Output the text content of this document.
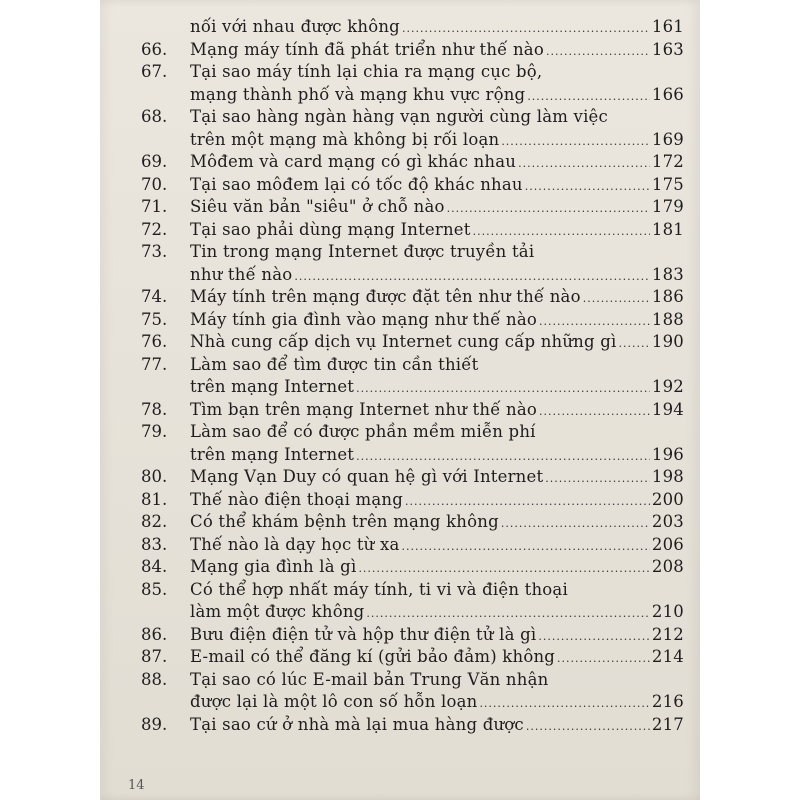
nối với nhau được không .....	161
66.	Mạng máy tính đã phát triển như thế nào .....	163
67.	Tại sao máy tính lại chia ra mạng cục bộ,
mạng thành phố và mạng khu vực rộng .....	166
68.	Tại sao hàng ngàn hàng vạn người cùng làm việc
trên một mạng mà không bị rối loạn .....	169
69.	Môđem và card mạng có gì khác nhau .....	172
70.	Tại sao môđem lại có tốc độ khác nhau .....	175
71.	Siêu văn bản "siêu" ở chỗ nào .....	179
72.	Tại sao phải dùng mạng Internet .....	181
73.	Tin trong mạng Internet được truyền tải
như thế nào .....	183
74.	Máy tính trên mạng được đặt tên như thế nào .....	186
75.	Máy tính gia đình vào mạng như thế nào .....	188
76.	Nhà cung cấp dịch vụ Internet cung cấp những gì ..... 190
77.	Làm sao để tìm được tin cần thiết
trên mạng Internet .....	192
78.	Tìm bạn trên mạng Internet như thế nào .....	194
79.	Làm sao để có được phần mềm miễn phí
trên mạng Internet .....	196
80.	Mạng Vạn Duy có quan hệ gì với Internet .....	198
81.	Thế nào điện thoại mạng .....	200
82.	Có thể khám bệnh trên mạng không .....	203
83.	Thế nào là dạy học từ xa .....	206
84.	Mạng gia đình là gì .....	208
85.	Có thể hợp nhất máy tính, ti vi và điện thoại
làm một được không .....	210
86.	Bưu điện điện tử và hộp thư điện tử là gì .....	212
87.	E-mail có thể đăng kí (gửi bảo đảm) không .....	214
88.	Tại sao có lúc E-mail bản Trung Văn nhận
được lại là một lô con số hỗn loạn .....	216
89.	Tại sao cứ ở nhà mà lại mua hàng được .....	217
14
